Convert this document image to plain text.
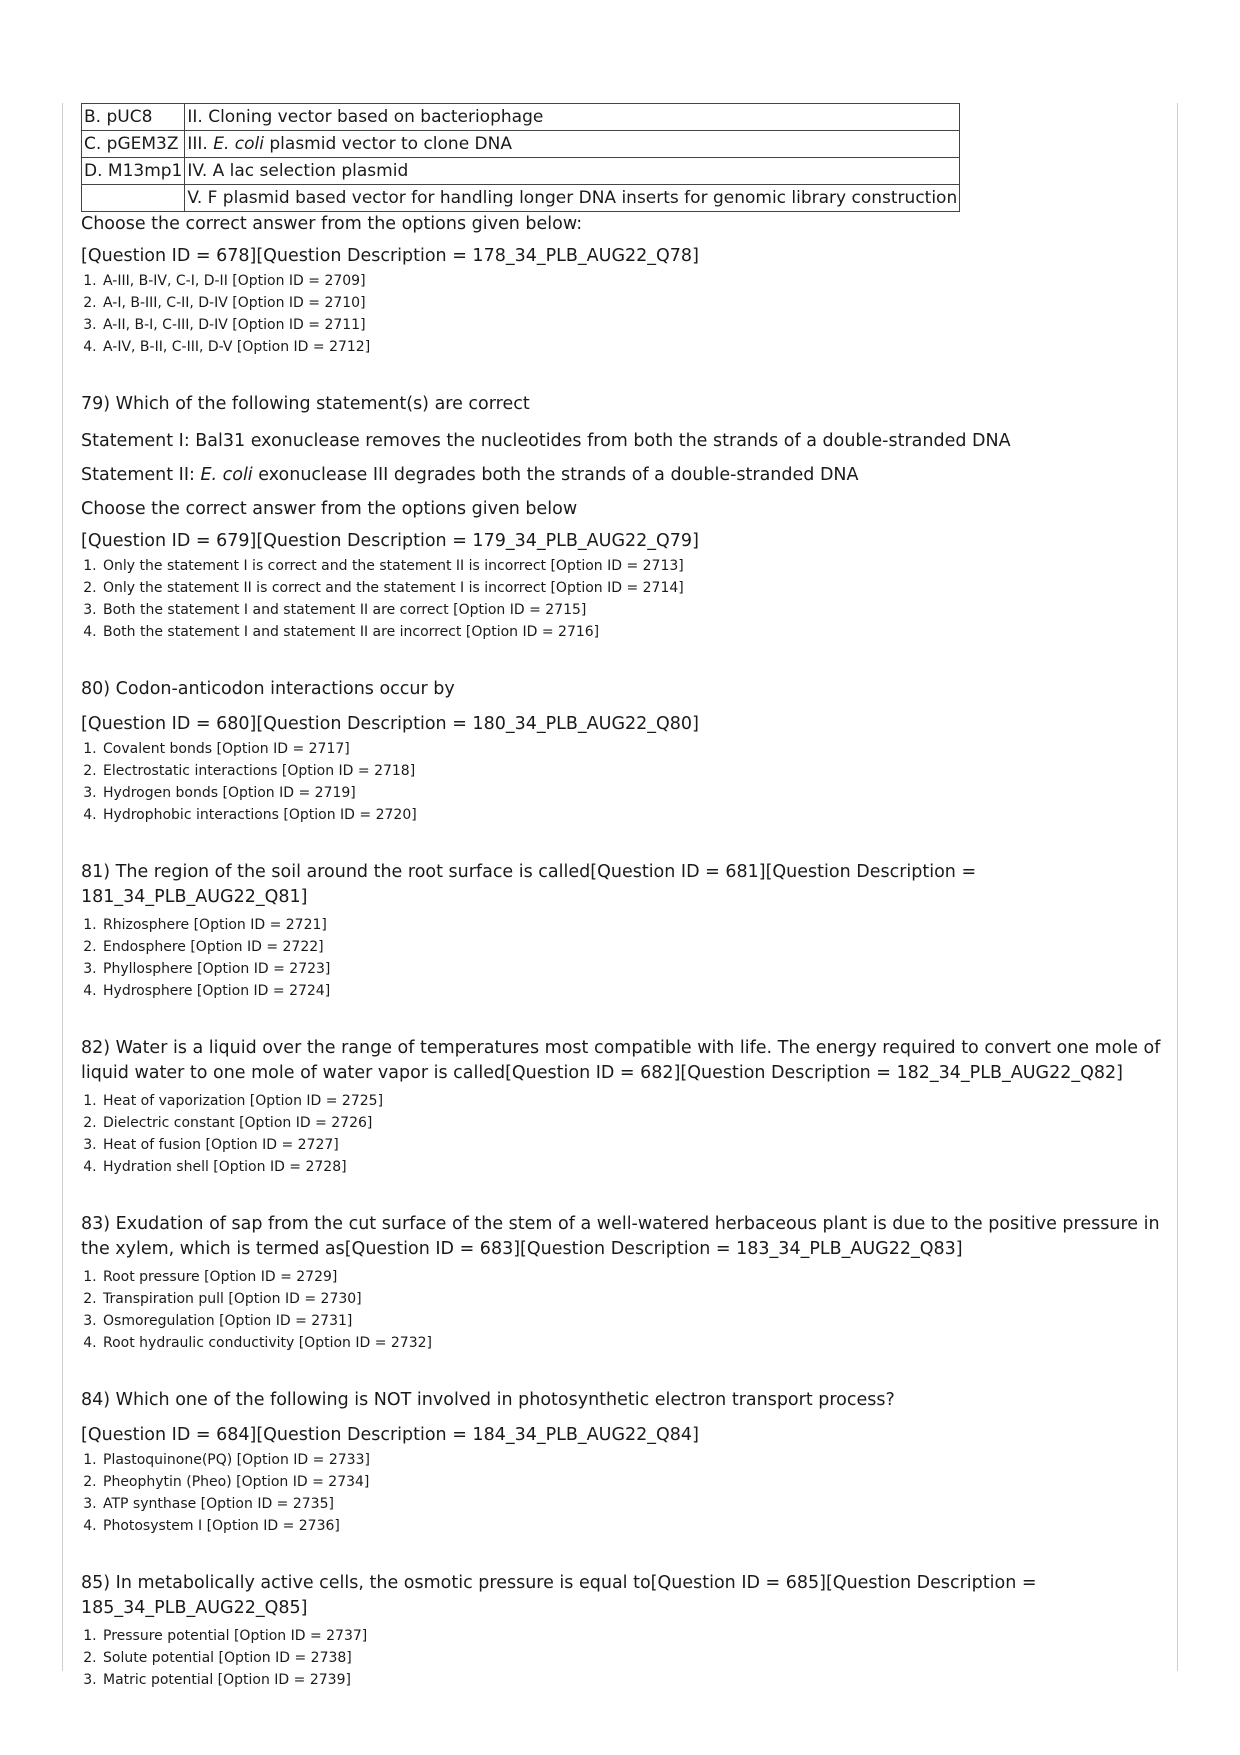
B. pUC8	II. Cloning vector based on bacteriophage
C. pGEM3Z	III. E. coli plasmid vector to clone DNA
D. M13mp1	IV. A lac selection plasmid
	V. F plasmid based vector for handling longer DNA inserts for genomic library construction
Choose the correct answer from the options given below:
[Question ID = 678][Question Description = 178_34_PLB_AUG22_Q78]
1. A-III, B-IV, C-I, D-II [Option ID = 2709]
2. A-I, B-III, C-II, D-IV [Option ID = 2710]
3. A-II, B-I, C-III, D-IV [Option ID = 2711]
4. A-IV, B-II, C-III, D-V [Option ID = 2712]
79) Which of the following statement(s) are correct
Statement I: Bal31 exonuclease removes the nucleotides from both the strands of a double-stranded DNA
Statement II: E. coli exonuclease III degrades both the strands of a double-stranded DNA
Choose the correct answer from the options given below
[Question ID = 679][Question Description = 179_34_PLB_AUG22_Q79]
1. Only the statement I is correct and the statement II is incorrect [Option ID = 2713]
2. Only the statement II is correct and the statement I is incorrect [Option ID = 2714]
3. Both the statement I and statement II are correct [Option ID = 2715]
4. Both the statement I and statement II are incorrect [Option ID = 2716]
80) Codon-anticodon interactions occur by
[Question ID = 680][Question Description = 180_34_PLB_AUG22_Q80]
1. Covalent bonds [Option ID = 2717]
2. Electrostatic interactions [Option ID = 2718]
3. Hydrogen bonds [Option ID = 2719]
4. Hydrophobic interactions [Option ID = 2720]
81) The region of the soil around the root surface is called[Question ID = 681][Question Description = 181_34_PLB_AUG22_Q81]
1. Rhizosphere [Option ID = 2721]
2. Endosphere [Option ID = 2722]
3. Phyllosphere [Option ID = 2723]
4. Hydrosphere [Option ID = 2724]
82) Water is a liquid over the range of temperatures most compatible with life. The energy required to convert one mole of liquid water to one mole of water vapor is called[Question ID = 682][Question Description = 182_34_PLB_AUG22_Q82]
1. Heat of vaporization [Option ID = 2725]
2. Dielectric constant [Option ID = 2726]
3. Heat of fusion [Option ID = 2727]
4. Hydration shell [Option ID = 2728]
83) Exudation of sap from the cut surface of the stem of a well-watered herbaceous plant is due to the positive pressure in the xylem, which is termed as[Question ID = 683][Question Description = 183_34_PLB_AUG22_Q83]
1. Root pressure [Option ID = 2729]
2. Transpiration pull [Option ID = 2730]
3. Osmoregulation [Option ID = 2731]
4. Root hydraulic conductivity [Option ID = 2732]
84) Which one of the following is NOT involved in photosynthetic electron transport process?
[Question ID = 684][Question Description = 184_34_PLB_AUG22_Q84]
1. Plastoquinone(PQ) [Option ID = 2733]
2. Pheophytin (Pheo) [Option ID = 2734]
3. ATP synthase [Option ID = 2735]
4. Photosystem I [Option ID = 2736]
85) In metabolically active cells, the osmotic pressure is equal to[Question ID = 685][Question Description = 185_34_PLB_AUG22_Q85]
1. Pressure potential [Option ID = 2737]
2. Solute potential [Option ID = 2738]
3. Matric potential [Option ID = 2739]
